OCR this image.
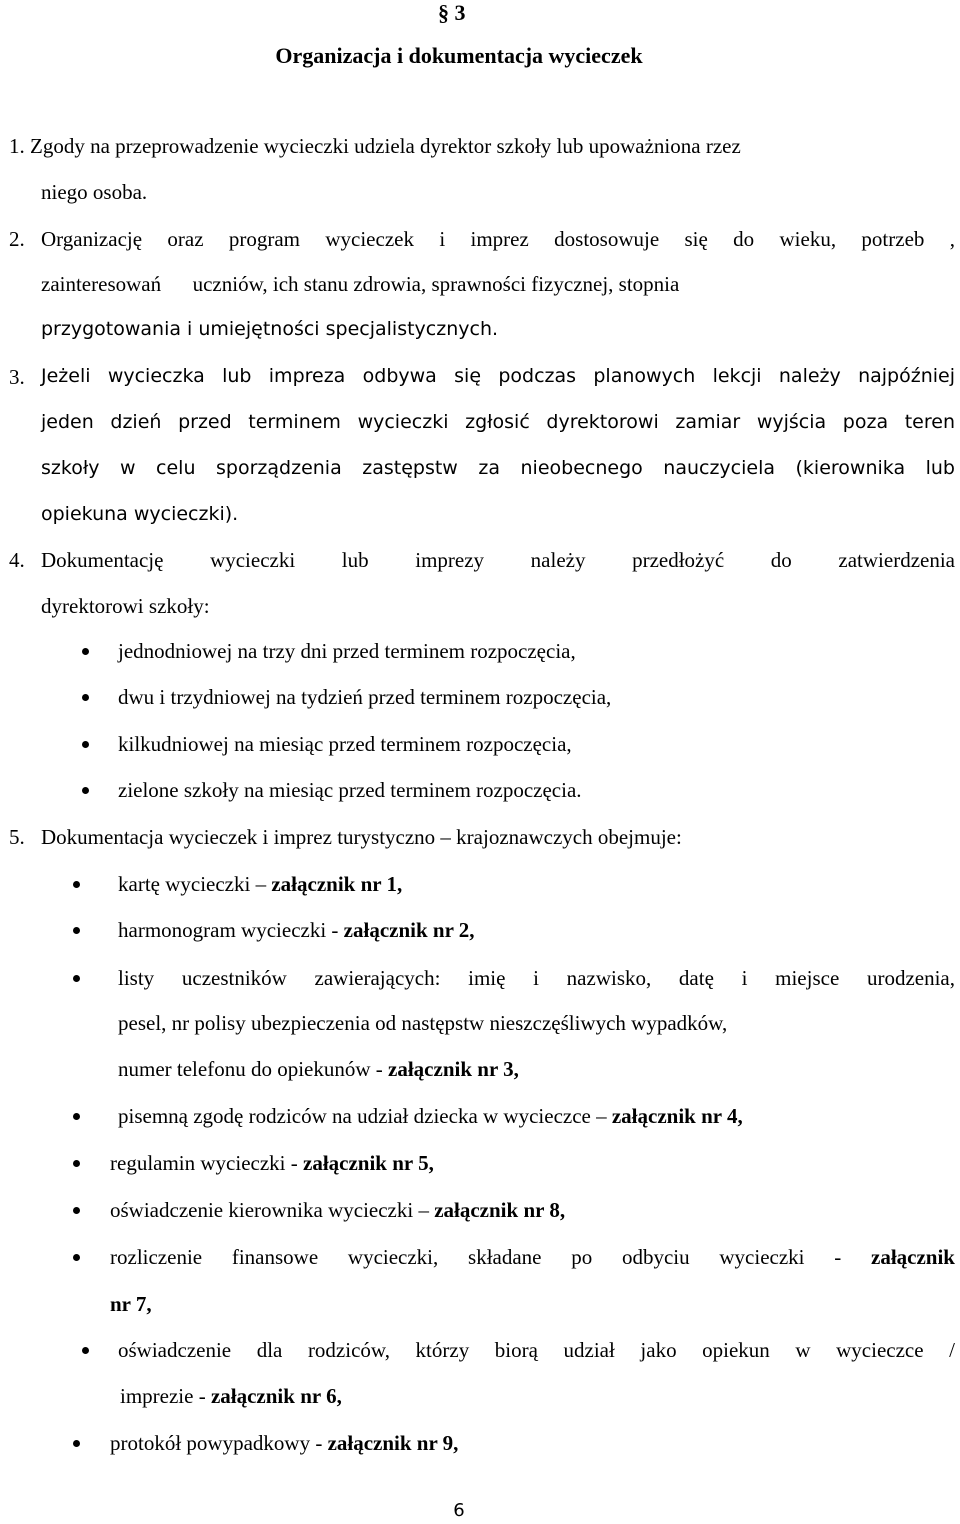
§ 3
Organizacja i dokumentacja wycieczek
1. Zgody na przeprowadzenie wycieczki udziela dyrektor szkoły lub upoważniona rzez
niego osoba.
2. Organizację oraz program wycieczek i imprez dostosowuje się do wieku, potrzeb ,
zainteresowań      uczniów, ich stanu zdrowia, sprawności fizycznej, stopnia
przygotowania i umiejętności specjalistycznych.
3. Jeżeli wycieczka lub impreza odbywa się podczas planowych lekcji należy najpóźniej
jeden dzień przed terminem wycieczki zgłosić dyrektorowi zamiar wyjścia poza teren
szkoły w celu sporządzenia zastępstw za nieobecnego nauczyciela (kierownika lub
opiekuna wycieczki).
4. Dokumentację wycieczki lub imprezy należy przedłożyć do zatwierdzenia
dyrektorowi szkoły:
jednodniowej na trzy dni przed terminem rozpoczęcia,
dwu i trzydniowej na tydzień przed terminem rozpoczęcia,
kilkudniowej na miesiąc przed terminem rozpoczęcia,
zielone szkoły na miesiąc przed terminem rozpoczęcia.
5. Dokumentacja wycieczek i imprez turystyczno – krajoznawczych obejmuje:
kartę wycieczki – załącznik nr 1,
harmonogram wycieczki - załącznik nr 2,
listy uczestników zawierających: imię i nazwisko, datę i miejsce urodzenia,
pesel, nr polisy ubezpieczenia od następstw nieszczęśliwych wypadków,
numer telefonu do opiekunów - załącznik nr 3,
pisemną zgodę rodziców na udział dziecka w wycieczce – załącznik nr 4,
regulamin wycieczki - załącznik nr 5,
oświadczenie kierownika wycieczki – załącznik nr 8,
rozliczenie finansowe wycieczki, składane po odbyciu wycieczki - załącznik
nr 7,
oświadczenie dla rodziców, którzy biorą udział jako opiekun w wycieczce /
imprezie - załącznik nr 6,
protokół powypadkowy - załącznik nr 9,
6
